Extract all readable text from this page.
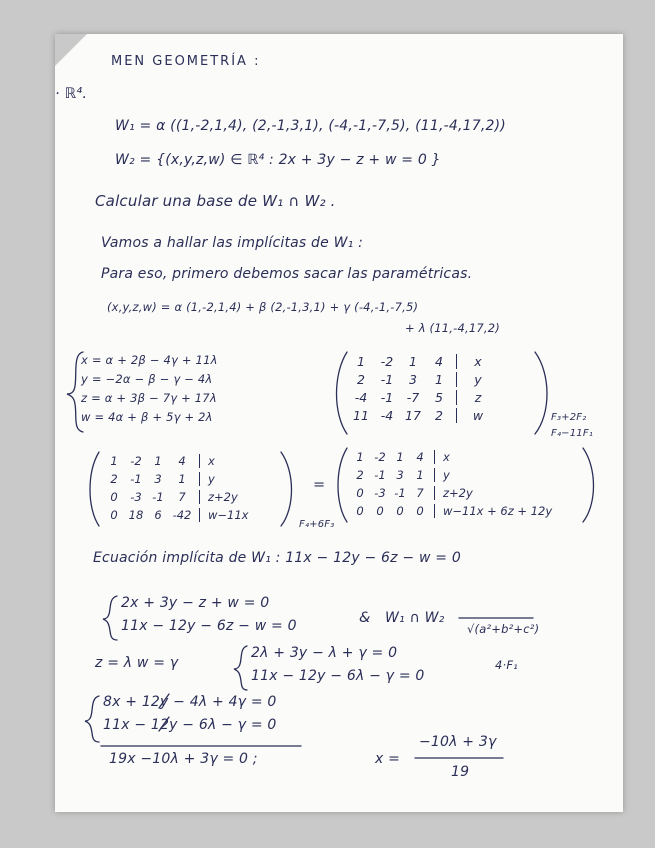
MEN GEOMETRÍA :
· ℝ⁴.
W₁ = α ((1,-2,1,4), (2,-1,3,1), (-4,-1,-7,5), (11,-4,17,2))
W₂ = {(x,y,z,w) ∈ ℝ⁴ : 2x + 3y − z + w = 0 }
Calcular una base de W₁ ∩ W₂ .
Vamos a hallar las implícitas de W₁ :
Para eso, primero debemos sacar las paramétricas.
(x,y,z,w) = α (1,-2,1,4) + β (2,-1,3,1) + γ (-4,-1,-7,5)
+ λ (11,-4,17,2)
x = α + 2β − 4γ + 11λ
y = −2α − β − γ − 4λ
z = α + 3β − 7γ + 17λ
w = 4α + β + 5γ + 2λ
1	-2	1	4	x
2	-1	3	1	y
-4	-1	-7	5	z
11 -4 17	2	w	F₃+2F₂
F₄−11F₁
1	-2	1	4	x
2	-1	3	1	y
0	-3 -1	7	z+2y
0 18 6 -42	w−11x
F₄+6F₃
=
1 -2 1	4	x
2 -1 3	1	y
0 -3 -1 7	z+2y
0	0	0	0	w−11x + 6z + 12y
Ecuación implícita de W₁ : 11x − 12y − 6z − w = 0
2x + 3y − z + w = 0
11x − 12y − 6z − w = 0	& W₁ ∩ W₂
√(a²+b²+c²)
z = λ w = γ
2λ + 3y − λ + γ = 0
11x − 12y − 6λ − γ = 0
4·F₁
8x + 12y − 4λ + 4γ = 0
11x − 12y − 6λ − γ = 0
19x −10λ + 3γ = 0 ;	x =
−10λ + 3γ
19
